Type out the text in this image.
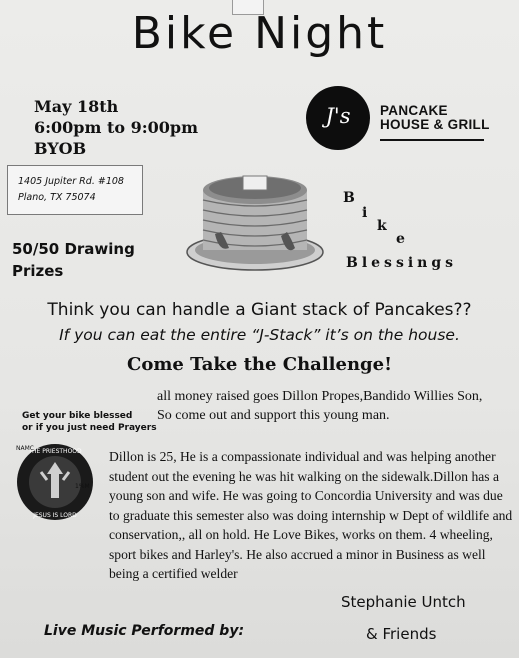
Bike Night
May 18th
6:00pm to 9:00pm
BYOB
J's	PANCAKE
HOUSE & GRILL
1405 Jupiter Rd. #108
Plano, TX 75074
50/50 Drawing
Prizes
B
i
k
e
Blessings
Think you can handle a Giant stack of Pancakes??
If you can eat the entire “J-Stack” it’s on the house.
Come Take the Challenge!
all money raised goes Dillon Propes,Bandido Willies Son, So come out and support this young man.
Get your bike blessed
or if you just need Prayers
THE PRIESTHOOD
JESUS IS LORD
NAMC
1%M
Dillon is 25, He is a compassionate individual and was helping another student out the evening he was hit walking on the sidewalk.Dillon has a young son and wife. He was going to Concordia University and was due to graduate this semester also was doing internship w Dept of wildlife and conservation,, all on hold. He Love Bikes, works on them. 4 wheeling, sport bikes and Harley's. He also accrued a minor in Business as well being a certified welder
Stephanie Untch
Live Music Performed by:	& Friends
